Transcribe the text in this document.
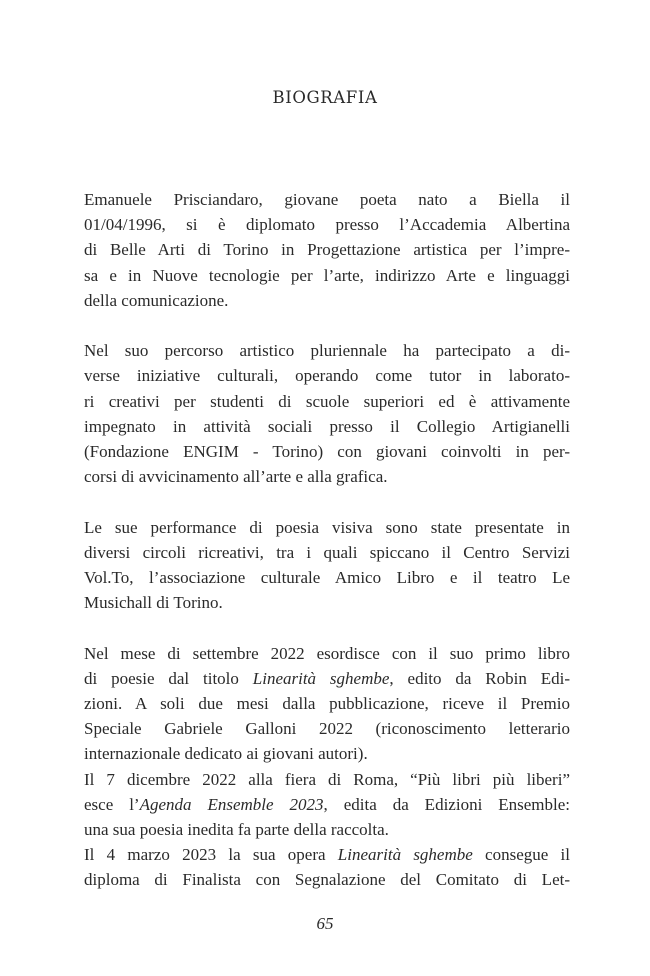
BIOGRAFIA
Emanuele Prisciandaro, giovane poeta nato a Biella il
01/04/1996, si è diplomato presso l’Accademia Albertina
di Belle Arti di Torino in Progettazione artistica per l’impre-
sa e in Nuove tecnologie per l’arte, indirizzo Arte e linguaggi
della comunicazione.
Nel suo percorso artistico pluriennale ha partecipato a di-
verse iniziative culturali, operando come tutor in laborato-
ri creativi per studenti di scuole superiori ed è attivamente
impegnato in attività sociali presso il Collegio Artigianelli
(Fondazione ENGIM - Torino) con giovani coinvolti in per-
corsi di avvicinamento all’arte e alla grafica.
Le sue performance di poesia visiva sono state presentate in
diversi circoli ricreativi, tra i quali spiccano il Centro Servizi
Vol.To, l’associazione culturale Amico Libro e il teatro Le
Musichall di Torino.
Nel mese di settembre 2022 esordisce con il suo primo libro
di poesie dal titolo Linearità sghembe, edito da Robin Edi-
zioni. A soli due mesi dalla pubblicazione, riceve il Premio
Speciale Gabriele Galloni 2022 (riconoscimento letterario
internazionale dedicato ai giovani autori).
Il 7 dicembre 2022 alla fiera di Roma, “Più libri più liberi”
esce l’Agenda Ensemble 2023, edita da Edizioni Ensemble:
una sua poesia inedita fa parte della raccolta.
Il 4 marzo 2023 la sua opera Linearità sghembe consegue il
diploma di Finalista con Segnalazione del Comitato di Let-
65
